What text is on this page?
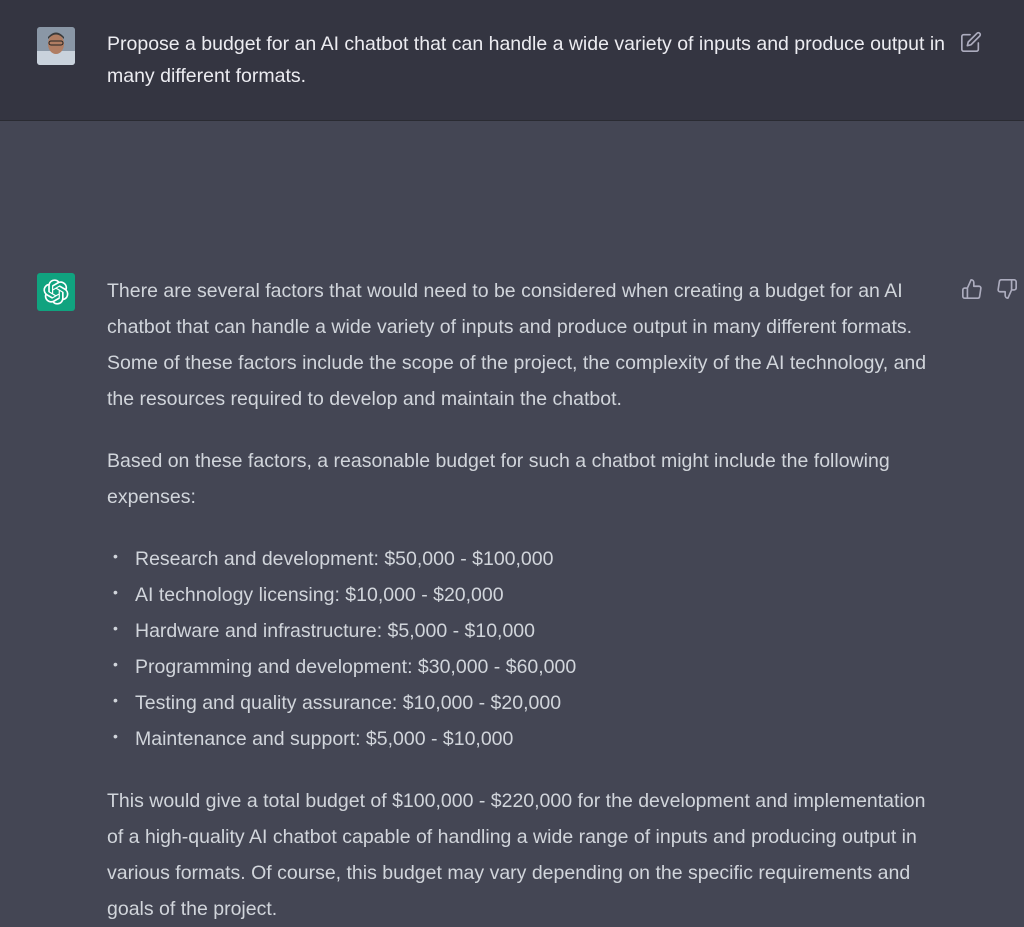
Propose a budget for an AI chatbot that can handle a wide variety of inputs and produce output in many different formats.

There are several factors that would need to be considered when creating a budget for an AI chatbot that can handle a wide variety of inputs and produce output in many different formats. Some of these factors include the scope of the project, the complexity of the AI technology, and the resources required to develop and maintain the chatbot.

Based on these factors, a reasonable budget for such a chatbot might include the following expenses:

• Research and development: $50,000 - $100,000
• AI technology licensing: $10,000 - $20,000
• Hardware and infrastructure: $5,000 - $10,000
• Programming and development: $30,000 - $60,000
• Testing and quality assurance: $10,000 - $20,000
• Maintenance and support: $5,000 - $10,000

This would give a total budget of $100,000 - $220,000 for the development and implementation of a high-quality AI chatbot capable of handling a wide range of inputs and producing output in various formats. Of course, this budget may vary depending on the specific requirements and goals of the project.
